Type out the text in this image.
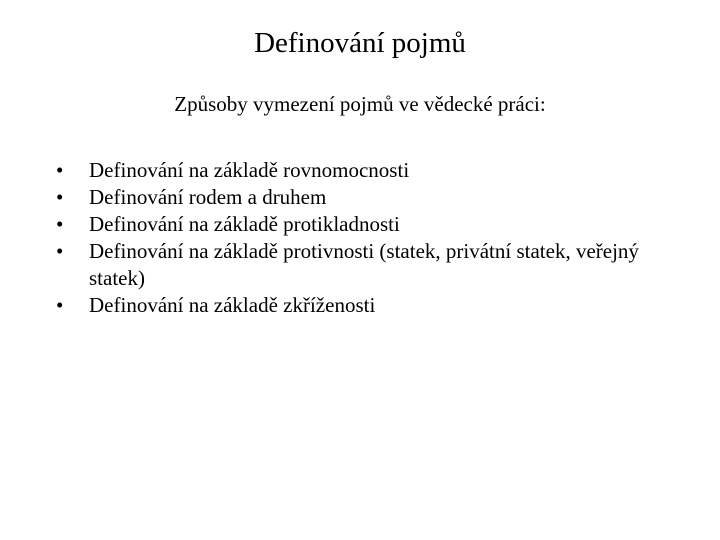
Definování pojmů
Způsoby vymezení pojmů ve vědecké práci:
• Definování na základě rovnomocnosti
• Definování rodem a druhem
• Definování na základě protikladnosti
• Definování na základě protivnosti (statek, privátní statek, veřejný statek)
• Definování na základě zkříženosti
